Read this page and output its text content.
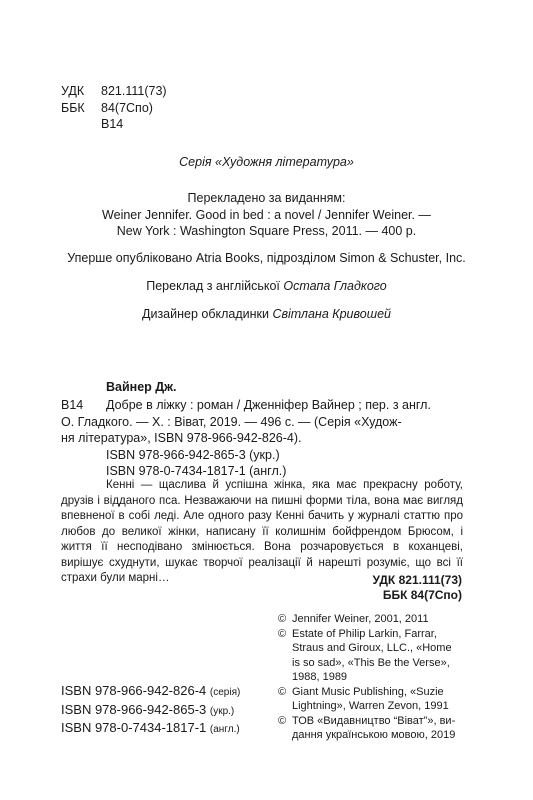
УДК 821.111(73)
ББК 84(7Спо)
В14
Серія «Художня література»
Перекладено за виданням:
Weiner Jennifer. Good in bed : a novel / Jennifer Weiner. —
New York : Washington Square Press, 2011. — 400 p.
Уперше опубліковано Atria Books, підрозділом Simon & Schuster, Inc.
Переклад з англійської Остапа Гладкого
Дизайнер обкладинки Світлана Кривошей
Вайнер Дж.
В14	Добре в ліжку : роман / Дженніфер Вайнер ; пер. з англ.
О. Гладкого. — Х. : Віват, 2019. — 496 с. — (Серія «Худож-
ня література», ISBN 978-966-942-826-4).
ISBN 978-966-942-865-3 (укр.)
ISBN 978-0-7434-1817-1 (англ.)
Кенні — щаслива й успішна жінка, яка має прекрасну роботу, друзів і відданого пса. Незважаючи на пишні форми тіла, вона має вигляд впевненої в собі леді. Але одного разу Кенні бачить у журналі статтю про любов до великої жінки, написану її колишнім бойфрендом Брюсом, і життя її несподівано змінюється. Вона розчаровується в коханцеві, вирішує схуднути, шукає творчої реалізації й нарешті розуміє, що всі її страхи були марні…	УДК 821.111(73)
ББК 84(7Спо)
ISBN 978-966-942-826-4 (серія)
ISBN 978-966-942-865-3 (укр.)
ISBN 978-0-7434-1817-1 (англ.)
© Jennifer Weiner, 2001, 2011
© Estate of Philip Larkin, Farrar,
Straus and Giroux, LLC., «Home
is so sad», «This Be the Verse»,
1988, 1989
© Giant Music Publishing, «Suzie
Lightning», Warren Zevon, 1991
© ТОВ «Видавництво “Віват”», ви-
дання українською мовою, 2019
